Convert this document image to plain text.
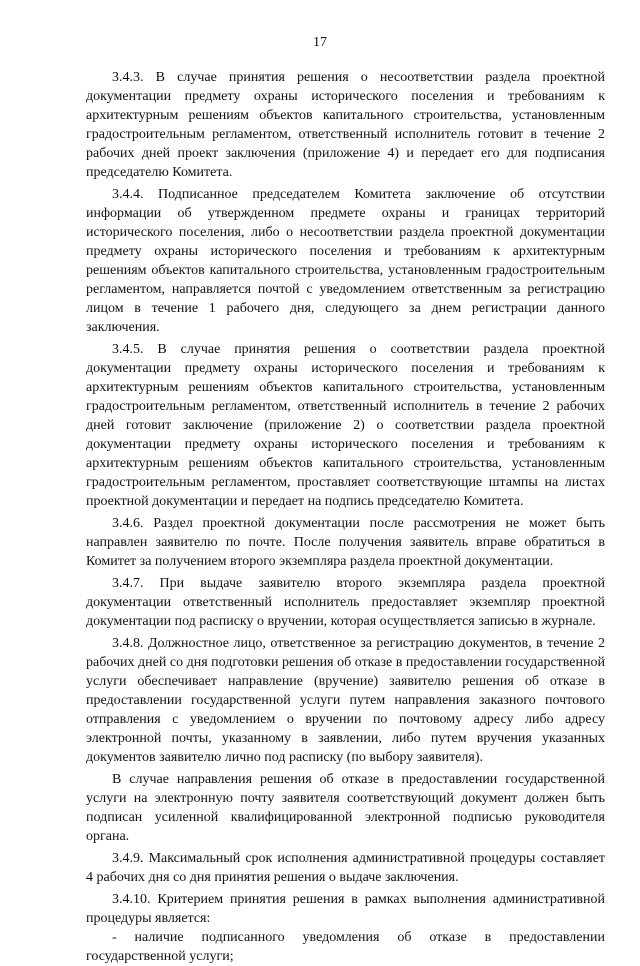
17

3.4.3. В случае принятия решения о несоответствии раздела проектной документации предмету охраны исторического поселения и требованиям к архитектурным решениям объектов капитального строительства, установленным градостроительным регламентом, ответственный исполнитель готовит в течение 2 рабочих дней проект заключения (приложение 4) и передает его для подписания председателю Комитета.

3.4.4. Подписанное председателем Комитета заключение об отсутствии информации об утвержденном предмете охраны и границах территорий исторического поселения, либо о несоответствии раздела проектной документации предмету охраны исторического поселения и требованиям к архитектурным решениям объектов капитального строительства, установленным градостроительным регламентом, направляется почтой с уведомлением ответственным за регистрацию лицом в течение 1 рабочего дня, следующего за днем регистрации данного заключения.

3.4.5. В случае принятия решения о соответствии раздела проектной документации предмету охраны исторического поселения и требованиям к архитектурным решениям объектов капитального строительства, установленным градостроительным регламентом, ответственный исполнитель в течение 2 рабочих дней готовит заключение (приложение 2) о соответствии раздела проектной документации предмету охраны исторического поселения и требованиям к архитектурным решениям объектов капитального строительства, установленным градостроительным регламентом, проставляет соответствующие штампы на листах проектной документации и передает на подпись председателю Комитета.

3.4.6. Раздел проектной документации после рассмотрения не может быть направлен заявителю по почте. После получения заявитель вправе обратиться в Комитет за получением второго экземпляра раздела проектной документации.

3.4.7. При выдаче заявителю второго экземпляра раздела проектной документации ответственный исполнитель предоставляет экземпляр проектной документации под расписку о вручении, которая осуществляется записью в журнале.

3.4.8. Должностное лицо, ответственное за регистрацию документов, в течение 2 рабочих дней со дня подготовки решения об отказе в предоставлении государственной услуги обеспечивает направление (вручение) заявителю решения об отказе в предоставлении государственной услуги путем направления заказного почтового отправления с уведомлением о вручении по почтовому адресу либо адресу электронной почты, указанному в заявлении, либо путем вручения указанных документов заявителю лично под расписку (по выбору заявителя).

В случае направления решения об отказе в предоставлении государственной услуги на электронную почту заявителя соответствующий документ должен быть подписан усиленной квалифицированной электронной подписью руководителя органа.

3.4.9. Максимальный срок исполнения административной процедуры составляет 4 рабочих дня со дня принятия решения о выдаче заключения.

3.4.10. Критерием принятия решения в рамках выполнения административной процедуры является:

- наличие подписанного уведомления об отказе в предоставлении государственной услуги;
